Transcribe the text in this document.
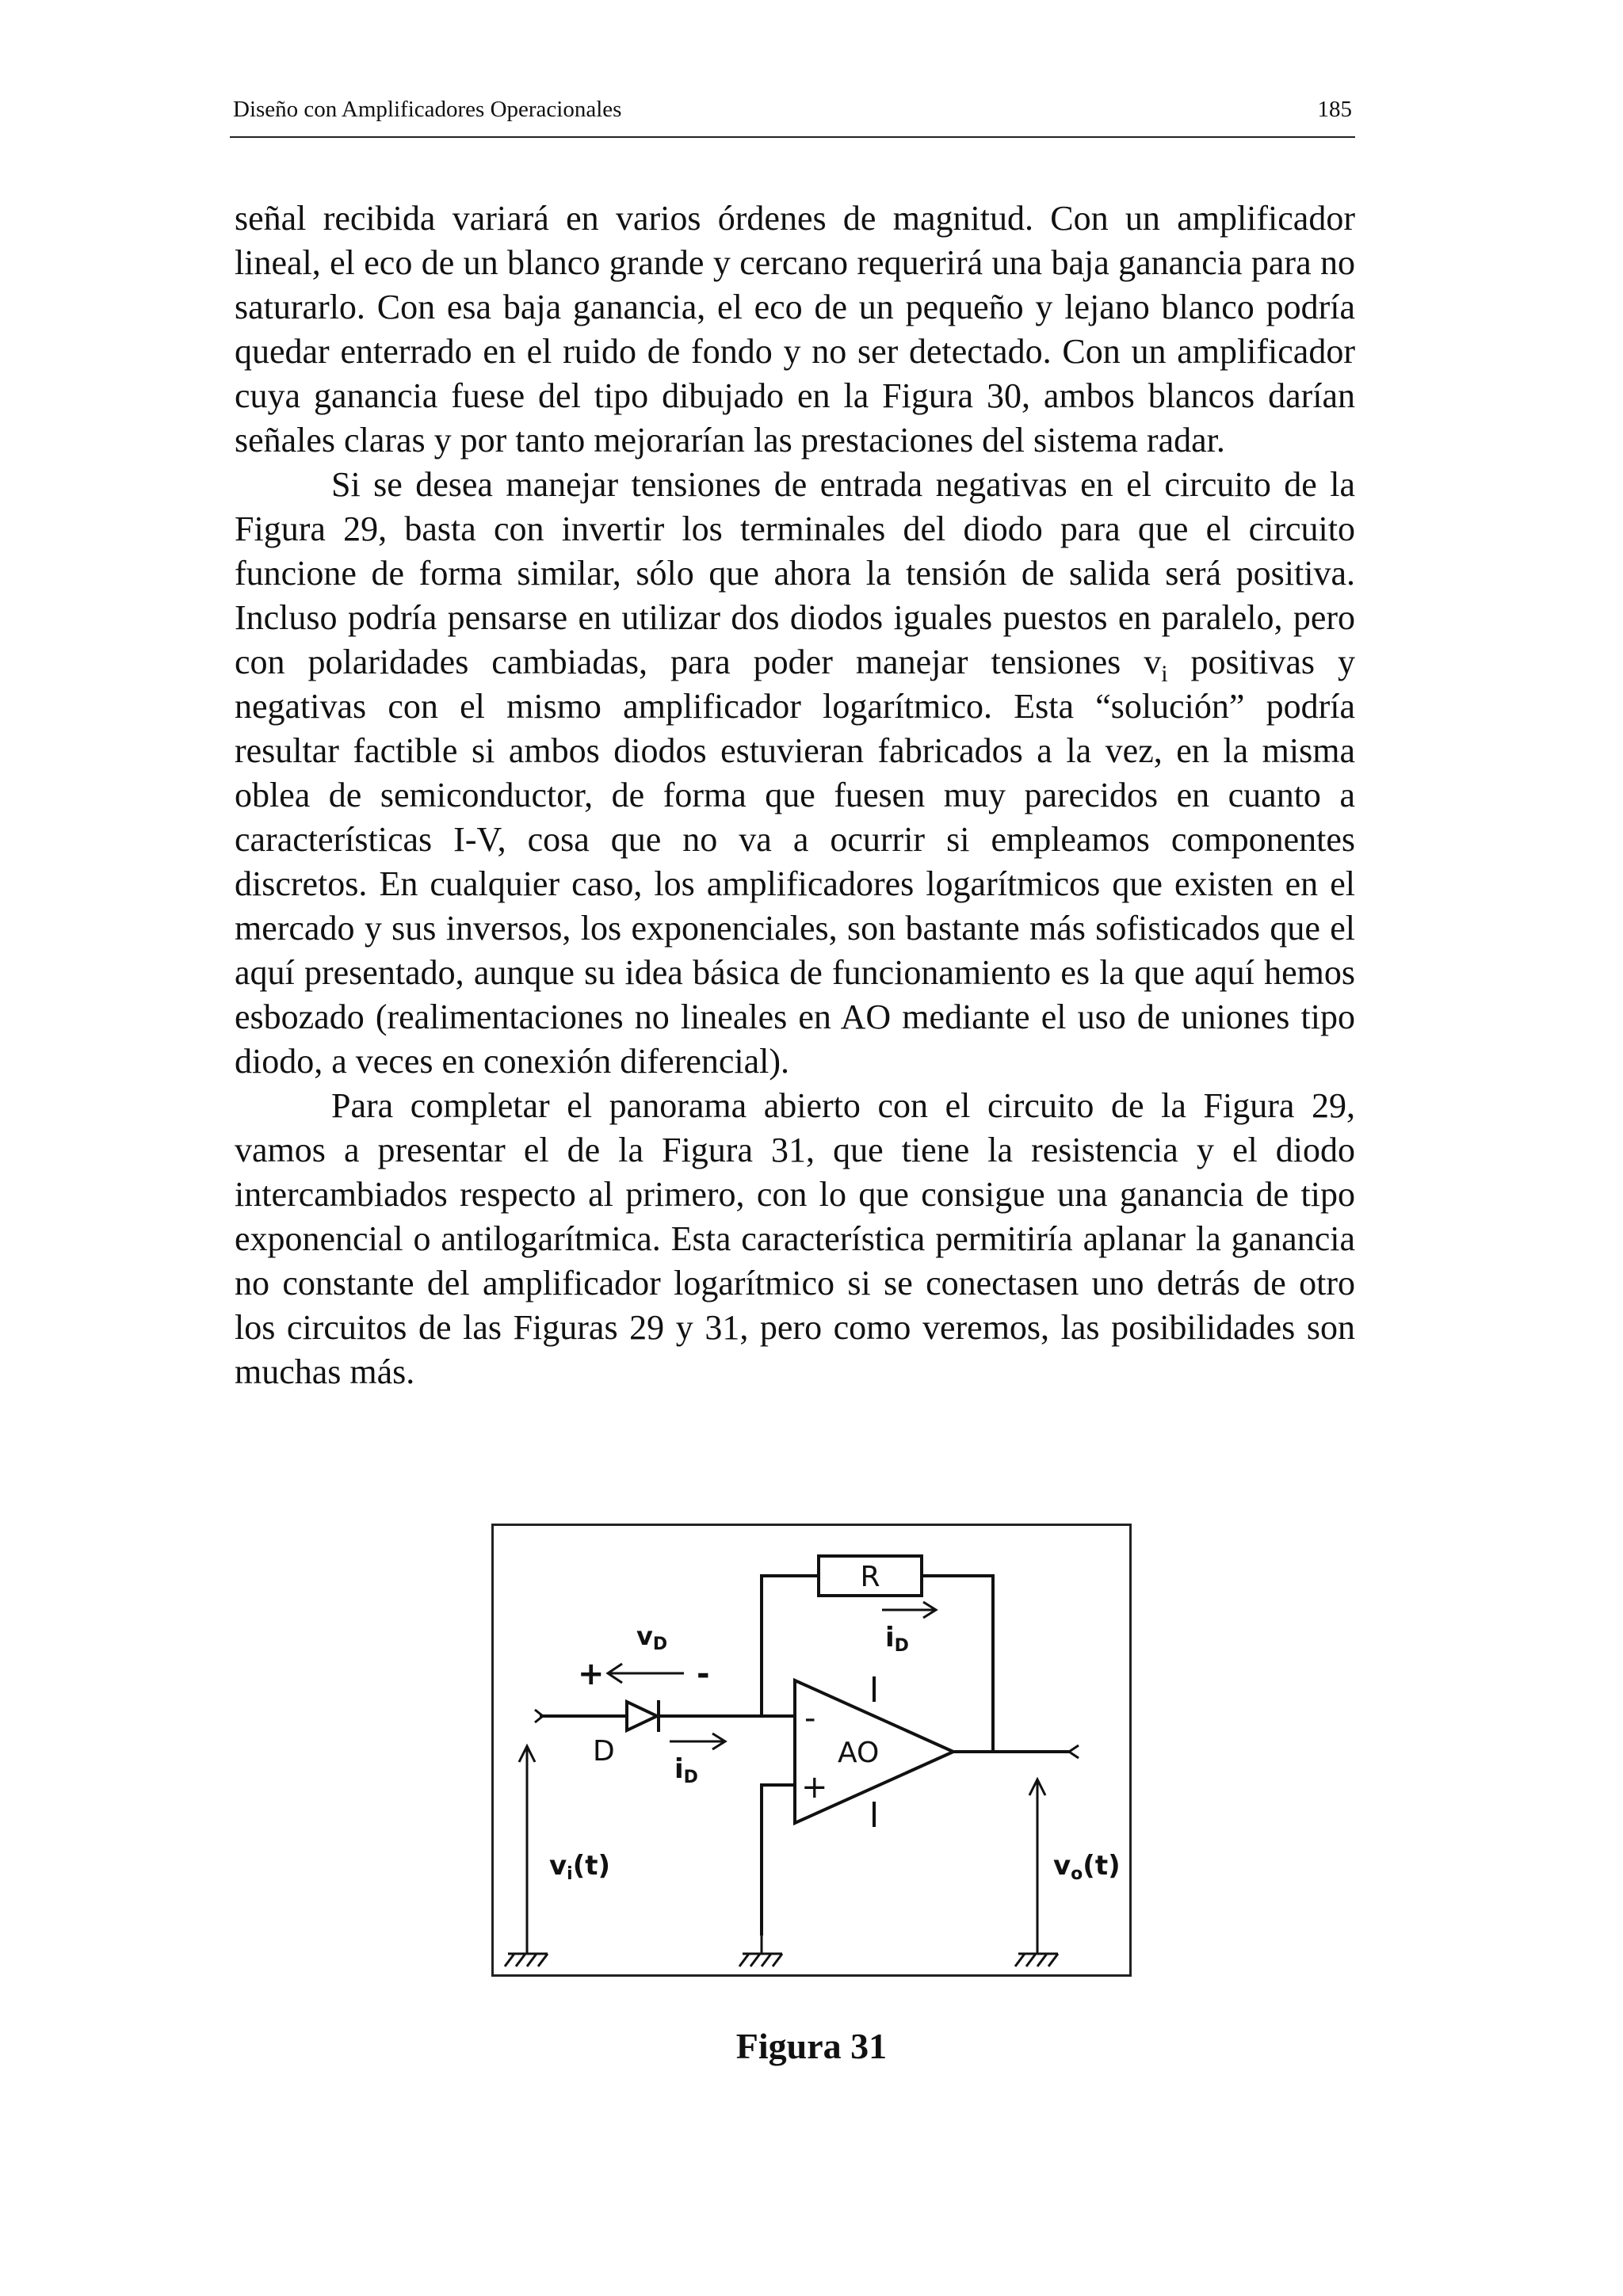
Diseño con Amplificadores Operacionales	185

señal recibida variará en varios órdenes de magnitud. Con un amplificador lineal, el eco de un blanco grande y cercano requerirá una baja ganancia para no saturarlo. Con esa baja ganancia, el eco de un pequeño y lejano blanco podría quedar enterrado en el ruido de fondo y no ser detectado. Con un amplificador cuya ganancia fuese del tipo dibujado en la Figura 30, ambos blancos darían señales claras y por tanto mejorarían las prestaciones del sistema radar.

Si se desea manejar tensiones de entrada negativas en el circuito de la Figura 29, basta con invertir los terminales del diodo para que el circuito funcione de forma similar, sólo que ahora la tensión de salida será positiva. Incluso podría pensarse en utilizar dos diodos iguales puestos en paralelo, pero con polaridades cambiadas, para poder manejar tensiones $v_i$ positivas y negativas con el mismo amplificador logarítmico. Esta “solución” podría resultar factible si ambos diodos estuvieran fabricados a la vez, en la misma oblea de semiconductor, de forma que fuesen muy parecidos en cuanto a características I-V, cosa que no va a ocurrir si empleamos componentes discretos. En cualquier caso, los amplificadores logarítmicos que existen en el mercado y sus inversos, los exponenciales, son bastante más sofisticados que el aquí presentado, aunque su idea básica de funcionamiento es la que aquí hemos esbozado (realimentaciones no lineales en AO mediante el uso de uniones tipo diodo, a veces en conexión diferencial).

Para completar el panorama abierto con el circuito de la Figura 29, vamos a presentar el de la Figura 31, que tiene la resistencia y el diodo intercambiados respecto al primero, con lo que consigue una ganancia de tipo exponencial o antilogarítmica. Esta característica permitiría aplanar la ganancia no constante del amplificador logarítmico si se conectasen uno detrás de otro los circuitos de las Figuras 29 y 31, pero como veremos, las posibilidades son muchas más.

R
D	AO
-
+
+	-
vD
iD
iD
vi(t)	vo(t)
Figura 31
